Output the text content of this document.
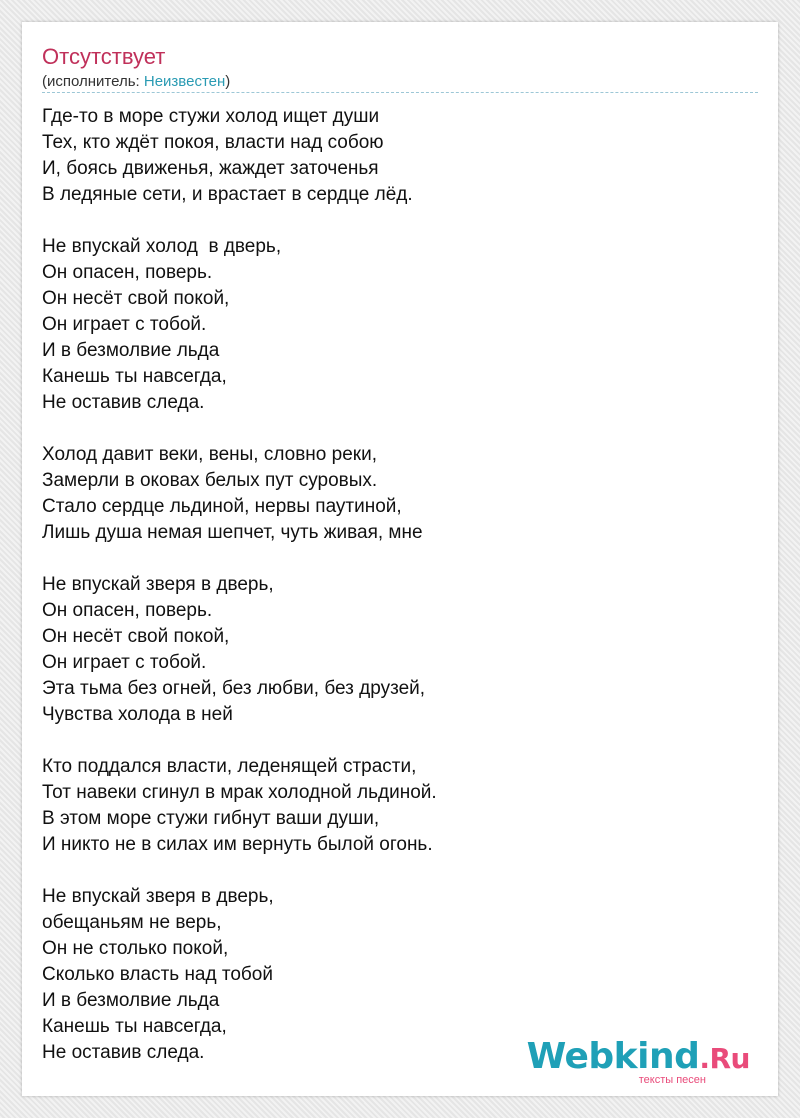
Отсутствует
(исполнитель: Неизвестен)
Где-то в море стужи холод ищет души
Тех, кто ждёт покоя, власти над собою
И, боясь движенья, жаждет заточенья
В ледяные сети, и врастает в сердце лёд.
Не впускай холод  в дверь,
Он опасен, поверь.
Он несёт свой покой,
Он играет с тобой.
И в безмолвие льда
Канешь ты навсегда,
Не оставив следа.
Холод давит веки, вены, словно реки,
Замерли в оковах белых пут суровых.
Стало сердце льдиной, нервы паутиной,
Лишь душа немая шепчет, чуть живая, мне
Не впускай зверя в дверь,
Он опасен, поверь.
Он несёт свой покой,
Он играет с тобой.
Эта тьма без огней, без любви, без друзей,
Чувства холода в ней
Кто поддался власти, леденящей страсти,
Тот навеки сгинул в мрак холодной льдиной.
В этом море стужи гибнут ваши души,
И никто не в силах им вернуть былой огонь.
Не впускай зверя в дверь,
обещаньям не верь,
Он не столько покой,
Сколько власть над тобой
И в безмолвие льда
Канешь ты навсегда,
Не оставив следа.	Webkind.Ru
тексты песен
